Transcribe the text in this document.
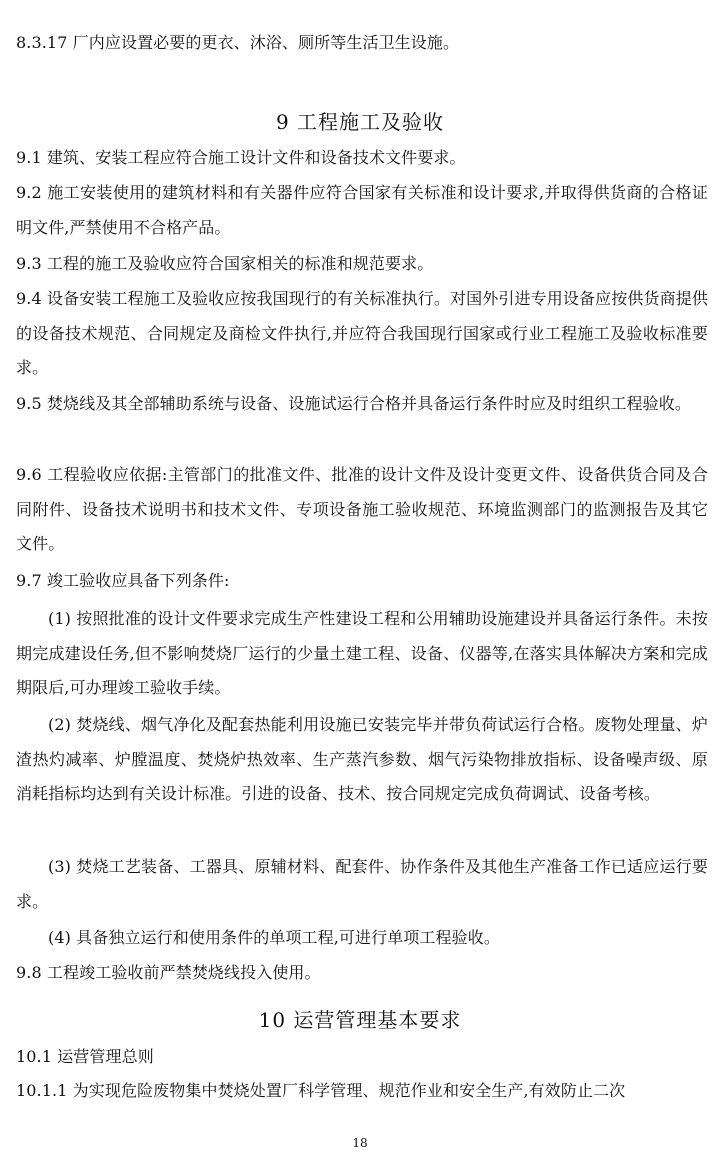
8.3.17 厂内应设置必要的更衣、沐浴、厕所等生活卫生设施。
9 工程施工及验收
9.1 建筑、安装工程应符合施工设计文件和设备技术文件要求。
9.2 施工安装使用的建筑材料和有关器件应符合国家有关标准和设计要求,并取得供货商的合格证明文件,严禁使用不合格产品。
9.3 工程的施工及验收应符合国家相关的标准和规范要求。
9.4 设备安装工程施工及验收应按我国现行的有关标准执行。对国外引进专用设备应按供货商提供的设备技术规范、合同规定及商检文件执行,并应符合我国现行国家或行业工程施工及验收标准要求。
9.5 焚烧线及其全部辅助系统与设备、设施试运行合格并具备运行条件时应及时组织工程验收。
9.6 工程验收应依据:主管部门的批准文件、批准的设计文件及设计变更文件、设备供货合同及合同附件、设备技术说明书和技术文件、专项设备施工验收规范、环境监测部门的监测报告及其它文件。
9.7 竣工验收应具备下列条件:
(1) 按照批准的设计文件要求完成生产性建设工程和公用辅助设施建设并具备运行条件。未按期完成建设任务,但不影响焚烧厂运行的少量土建工程、设备、仪器等,在落实具体解决方案和完成期限后,可办理竣工验收手续。
(2) 焚烧线、烟气净化及配套热能利用设施已安装完毕并带负荷试运行合格。废物处理量、炉渣热灼减率、炉膛温度、焚烧炉热效率、生产蒸汽参数、烟气污染物排放指标、设备噪声级、原消耗指标均达到有关设计标准。引进的设备、技术、按合同规定完成负荷调试、设备考核。
(3) 焚烧工艺装备、工器具、原辅材料、配套件、协作条件及其他生产准备工作已适应运行要求。
(4) 具备独立运行和使用条件的单项工程,可进行单项工程验收。
9.8 工程竣工验收前严禁焚烧线投入使用。
10 运营管理基本要求
10.1 运营管理总则
10.1.1 为实现危险废物集中焚烧处置厂科学管理、规范作业和安全生产,有效防止二次
18
